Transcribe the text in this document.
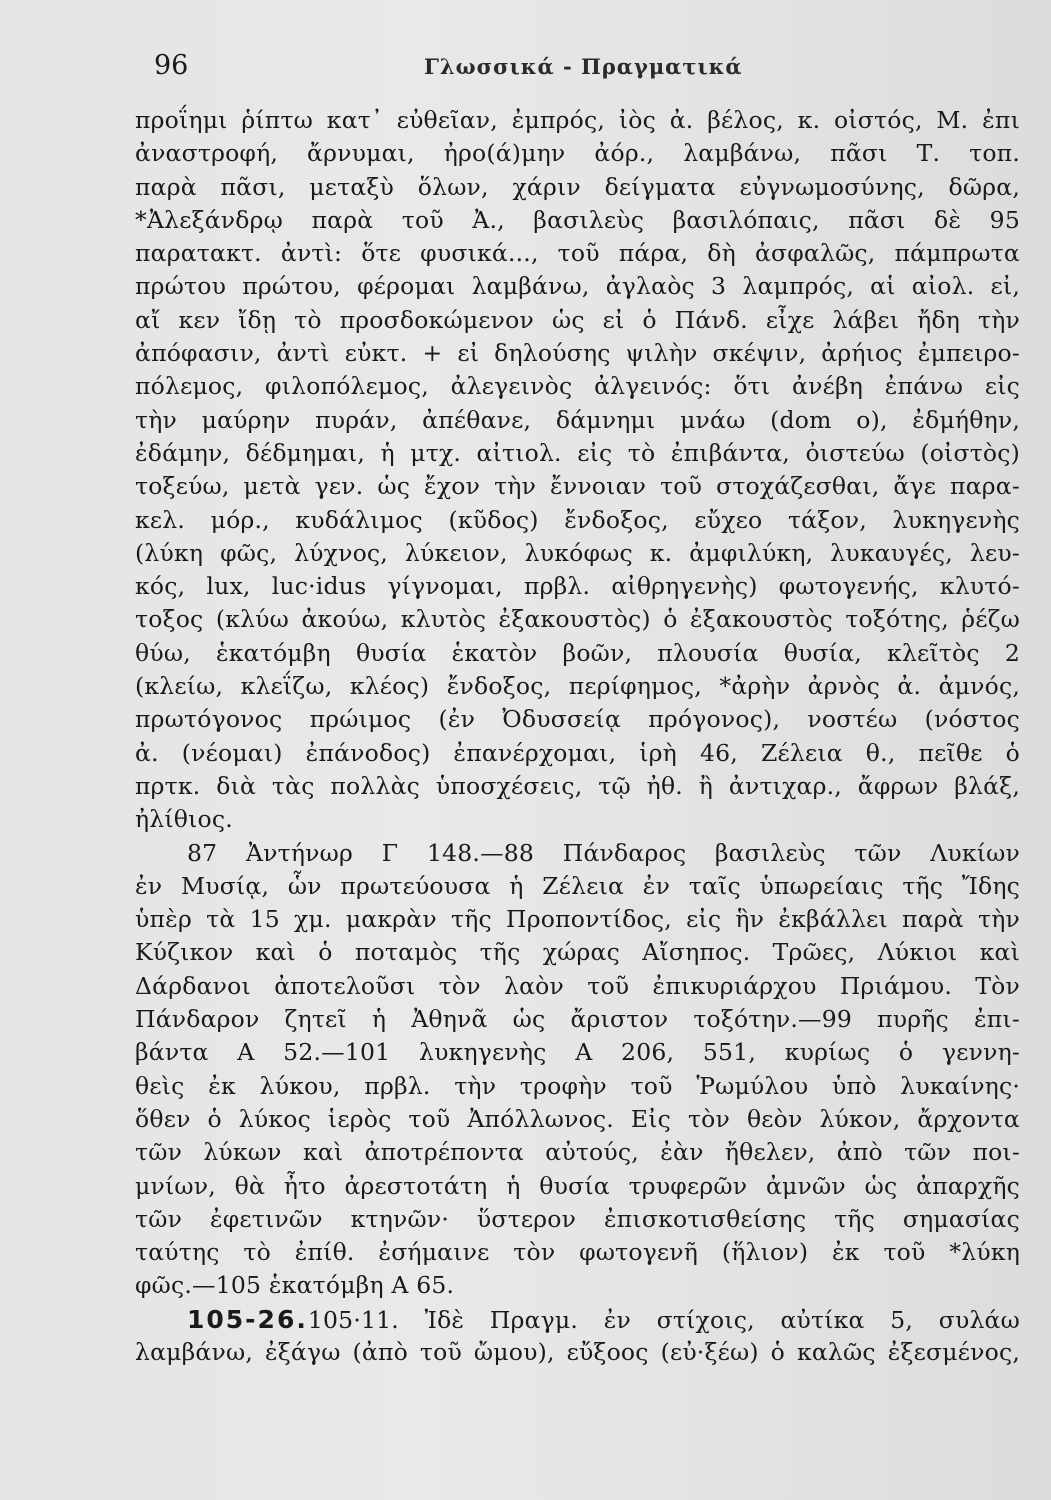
96	Γλωσσικά - Πραγματικά
προΐημι ῥίπτω κατ᾽ εὐθεῖαν, ἐμπρός, ἰὸς ἀ. βέλος, κ. οἰστός, Μ. ἐπι
ἀναστροφή, ἄρνυμαι, ἠρο(ά)μην ἀόρ., λαμβάνω, πᾶσι Τ. τοπ.
παρὰ πᾶσι, μεταξὺ ὅλων, χάριν δείγματα εὐγνωμοσύνης, δῶρα,
*Ἀλεξάνδρῳ παρὰ τοῦ Ἀ., βασιλεὺς βασιλόπαις, πᾶσι δὲ 95
παρατακτ. ἀντὶ: ὅτε φυσικά..., τοῦ πάρα, δὴ ἀσφαλῶς, πάμπρωτα
πρώτου πρώτου, φέρομαι λαμβάνω, ἀγλαὸς 3 λαμπρός, αἱ αἰολ. εἰ,
αἴ κεν ἴδῃ τὸ προσδοκώμενον ὡς εἰ ὁ Πάνδ. εἶχε λάβει ἤδη τὴν
ἀπόφασιν, ἀντὶ εὐκτ. + εἰ δηλούσης ψιλὴν σκέψιν, ἀρήιος ἐμπειρο-
πόλεμος, φιλοπόλεμος, ἀλεγεινὸς ἀλγεινός: ὅτι ἀνέβη ἐπάνω εἰς
τὴν μαύρην πυράν, ἀπέθανε, δάμνημι μνάω (dom o), ἐδμήθην,
ἐδάμην, δέδμημαι, ἡ μτχ. αἰτιολ. εἰς τὸ ἐπιβάντα, ὀιστεύω (οἰστὸς)
τοξεύω, μετὰ γεν. ὡς ἔχον τὴν ἔννοιαν τοῦ στοχάζεσθαι, ἄγε παρα-
κελ. μόρ., κυδάλιμος (κῦδος) ἔνδοξος, εὔχεο τάξον, λυκηγενὴς
(λύκη φῶς, λύχνος, λύκειον, λυκόφως κ. ἀμφιλύκη, λυκαυγές, λευ-
κός, lux, luc·idus γίγνομαι, πρβλ. αἰθρηγενὴς) φωτογενής, κλυτό-
τοξος (κλύω ἀκούω, κλυτὸς ἐξακουστὸς) ὁ ἐξακουστὸς τοξότης, ῥέζω
θύω, ἑκατόμβη θυσία ἑκατὸν βοῶν, πλουσία θυσία, κλεῖτὸς 2
(κλείω, κλεΐζω, κλέος) ἔνδοξος, περίφημος, *ἀρὴν ἀρνὸς ἀ. ἀμνός,
πρωτόγονος πρώιμος (ἐν Ὀδυσσείᾳ πρόγονος), νοστέω (νόστος
ἀ. (νέομαι) ἐπάνοδος) ἐπανέρχομαι, ἱρὴ 46, Ζέλεια θ., πεῖθε ὁ
πρτκ. διὰ τὰς πολλὰς ὑποσχέσεις, τῷ ἠθ. ἢ ἀντιχαρ., ἄφρων βλάξ,
ἠλίθιος.
87 Ἀντήνωρ Γ 148.—88 Πάνδαρος βασιλεὺς τῶν Λυκίων
ἐν Μυσίᾳ, ὧν πρωτεύουσα ἡ Ζέλεια ἐν ταῖς ὑπωρείαις τῆς Ἴδης
ὑπὲρ τὰ 15 χμ. μακρὰν τῆς Προποντίδος, εἰς ἣν ἐκβάλλει παρὰ τὴν
Κύζικον καὶ ὁ ποταμὸς τῆς χώρας Αἴσηπος. Τρῶες, Λύκιοι καὶ
Δάρδανοι ἀποτελοῦσι τὸν λαὸν τοῦ ἐπικυριάρχου Πριάμου. Τὸν
Πάνδαρον ζητεῖ ἡ Ἀθηνᾶ ὡς ἄριστον τοξότην.—99 πυρῆς ἐπι-
βάντα Α 52.—101 λυκηγενὴς Α 206, 551, κυρίως ὁ γεννη-
θεὶς ἐκ λύκου, πρβλ. τὴν τροφὴν τοῦ Ῥωμύλου ὑπὸ λυκαίνης·
ὅθεν ὁ λύκος ἱερὸς τοῦ Ἀπόλλωνος. Εἰς τὸν θεὸν λύκον, ἄρχοντα
τῶν λύκων καὶ ἀποτρέποντα αὐτούς, ἐὰν ἤθελεν, ἀπὸ τῶν ποι-
μνίων, θὰ ἦτο ἀρεστοτάτη ἡ θυσία τρυφερῶν ἀμνῶν ὡς ἀπαρχῆς
τῶν ἐφετινῶν κτηνῶν· ὕστερον ἐπισκοτισθείσης τῆς σημασίας
ταύτης τὸ ἐπίθ. ἐσήμαινε τὸν φωτογενῆ (ἥλιον) ἐκ τοῦ *λύκη
φῶς.—105 ἑκατόμβη Α 65.
105-26.105·11. Ἰδὲ Πραγμ. ἐν στίχοις, αὐτίκα 5, συλάω
λαμβάνω, ἐξάγω (ἀπὸ τοῦ ὤμου), εὔξοος (εὐ·ξέω) ὁ καλῶς ἐξεσμένος,
